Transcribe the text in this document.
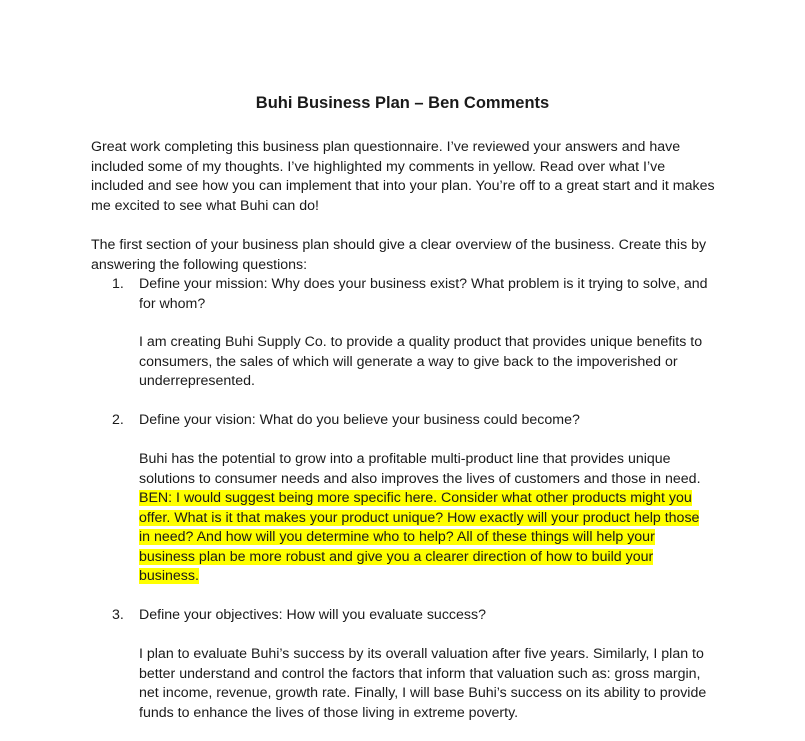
Buhi Business Plan – Ben Comments

Great work completing this business plan questionnaire. I’ve reviewed your answers and have included some of my thoughts. I’ve highlighted my comments in yellow. Read over what I’ve included and see how you can implement that into your plan. You’re off to a great start and it makes me excited to see what Buhi can do!

The first section of your business plan should give a clear overview of the business. Create this by answering the following questions:

1. Define your mission: Why does your business exist? What problem is it trying to solve, and for whom?

I am creating Buhi Supply Co. to provide a quality product that provides unique benefits to consumers, the sales of which will generate a way to give back to the impoverished or underrepresented.

2. Define your vision: What do you believe your business could become?

Buhi has the potential to grow into a profitable multi-product line that provides unique solutions to consumer needs and also improves the lives of customers and those in need. BEN: I would suggest being more specific here. Consider what other products might you offer. What is it that makes your product unique? How exactly will your product help those in need? And how will you determine who to help? All of these things will help your business plan be more robust and give you a clearer direction of how to build your business.

3. Define your objectives: How will you evaluate success?

I plan to evaluate Buhi’s success by its overall valuation after five years. Similarly, I plan to better understand and control the factors that inform that valuation such as: gross margin, net income, revenue, growth rate. Finally, I will base Buhi’s success on its ability to provide funds to enhance the lives of those living in extreme poverty.
